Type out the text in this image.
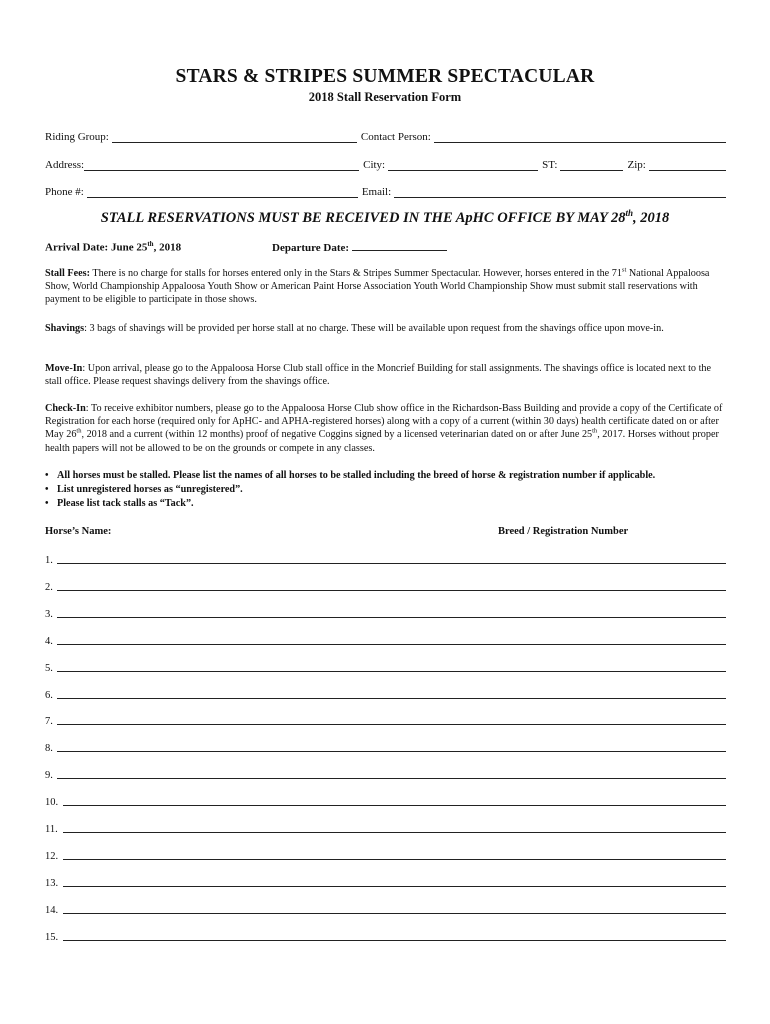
STARS & STRIPES SUMMER SPECTACULAR
2018 Stall Reservation Form
Riding Group:	Contact Person:
Address:	City:	ST:	Zip:
Phone #:	Email:
STALL RESERVATIONS MUST BE RECEIVED IN THE ApHC OFFICE BY MAY 28th, 2018
Arrival Date: June 25th, 2018	Departure Date:
Stall Fees: There is no charge for stalls for horses entered only in the Stars & Stripes Summer Spectacular. However, horses entered in the 71st National Appaloosa Show, World Championship Appaloosa Youth Show or American Paint Horse Association Youth World Championship Show must submit stall reservations with payment to be eligible to participate in those shows.
Shavings: 3 bags of shavings will be provided per horse stall at no charge. These will be available upon request from the shavings office upon move-in.
Move-In: Upon arrival, please go to the Appaloosa Horse Club stall office in the Moncrief Building for stall assignments. The shavings office is located next to the stall office. Please request shavings delivery from the shavings office.
Check-In: To receive exhibitor numbers, please go to the Appaloosa Horse Club show office in the Richardson-Bass Building and provide a copy of the Certificate of Registration for each horse (required only for ApHC- and APHA-registered horses) along with a copy of a current (within 30 days) health certificate dated on or after May 26th, 2018 and a current (within 12 months) proof of negative Coggins signed by a licensed veterinarian dated on or after June 25th, 2017. Horses without proper health papers will not be allowed to be on the grounds or compete in any classes.
• All horses must be stalled. Please list the names of all horses to be stalled including the breed of horse & registration number if applicable.
• List unregistered horses as “unregistered”.
• Please list tack stalls as “Tack”.
Horse’s Name:	Breed / Registration Number
1.
2.
3.
4.
5.
6.
7.
8.
9.
10.
11.
12.
13.
14.
15.
